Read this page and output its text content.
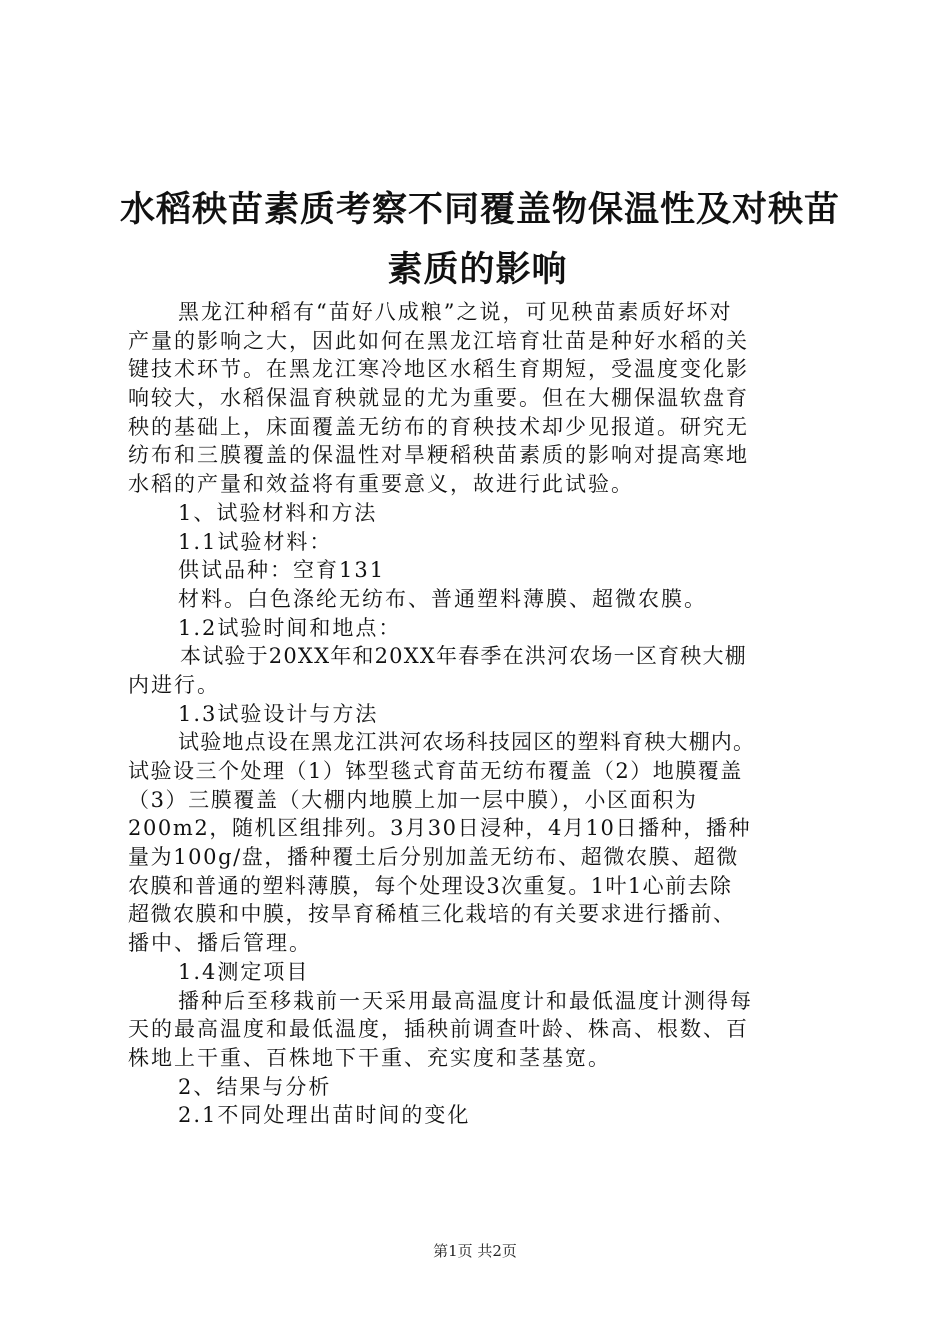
水稻秧苗素质考察不同覆盖物保温性及对秧苗
素质的影响
黑龙江种稻有“苗好八成粮”之说，可见秧苗素质好坏对
产量的影响之大，因此如何在黑龙江培育壮苗是种好水稻的关
键技术环节。在黑龙江寒冷地区水稻生育期短，受温度变化影
响较大，水稻保温育秧就显的尤为重要。但在大棚保温软盘育
秧的基础上，床面覆盖无纺布的育秧技术却少见报道。研究无
纺布和三膜覆盖的保温性对旱粳稻秧苗素质的影响对提高寒地
水稻的产量和效益将有重要意义，故进行此试验。
1、试验材料和方法
1.1试验材料：
供试品种：空育131
材料。白色涤纶无纺布、普通塑料薄膜、超微农膜。
1.2试验时间和地点：
本试验于20XX年和20XX年春季在洪河农场一区育秧大棚
内进行。
1.3试验设计与方法
试验地点设在黑龙江洪河农场科技园区的塑料育秧大棚内。
试验设三个处理（1）钵型毯式育苗无纺布覆盖（2）地膜覆盖
（3）三膜覆盖（大棚内地膜上加一层中膜），小区面积为
200m2，随机区组排列。3月30日浸种，4月10日播种，播种
量为100g/盘，播种覆土后分别加盖无纺布、超微农膜、超微
农膜和普通的塑料薄膜，每个处理设3次重复。1叶1心前去除
超微农膜和中膜，按旱育稀植三化栽培的有关要求进行播前、
播中、播后管理。
1.4测定项目
播种后至移栽前一天采用最高温度计和最低温度计测得每
天的最高温度和最低温度，插秧前调查叶龄、株高、根数、百
株地上干重、百株地下干重、充实度和茎基宽。
2、结果与分析
2.1不同处理出苗时间的变化
第1页 共2页
